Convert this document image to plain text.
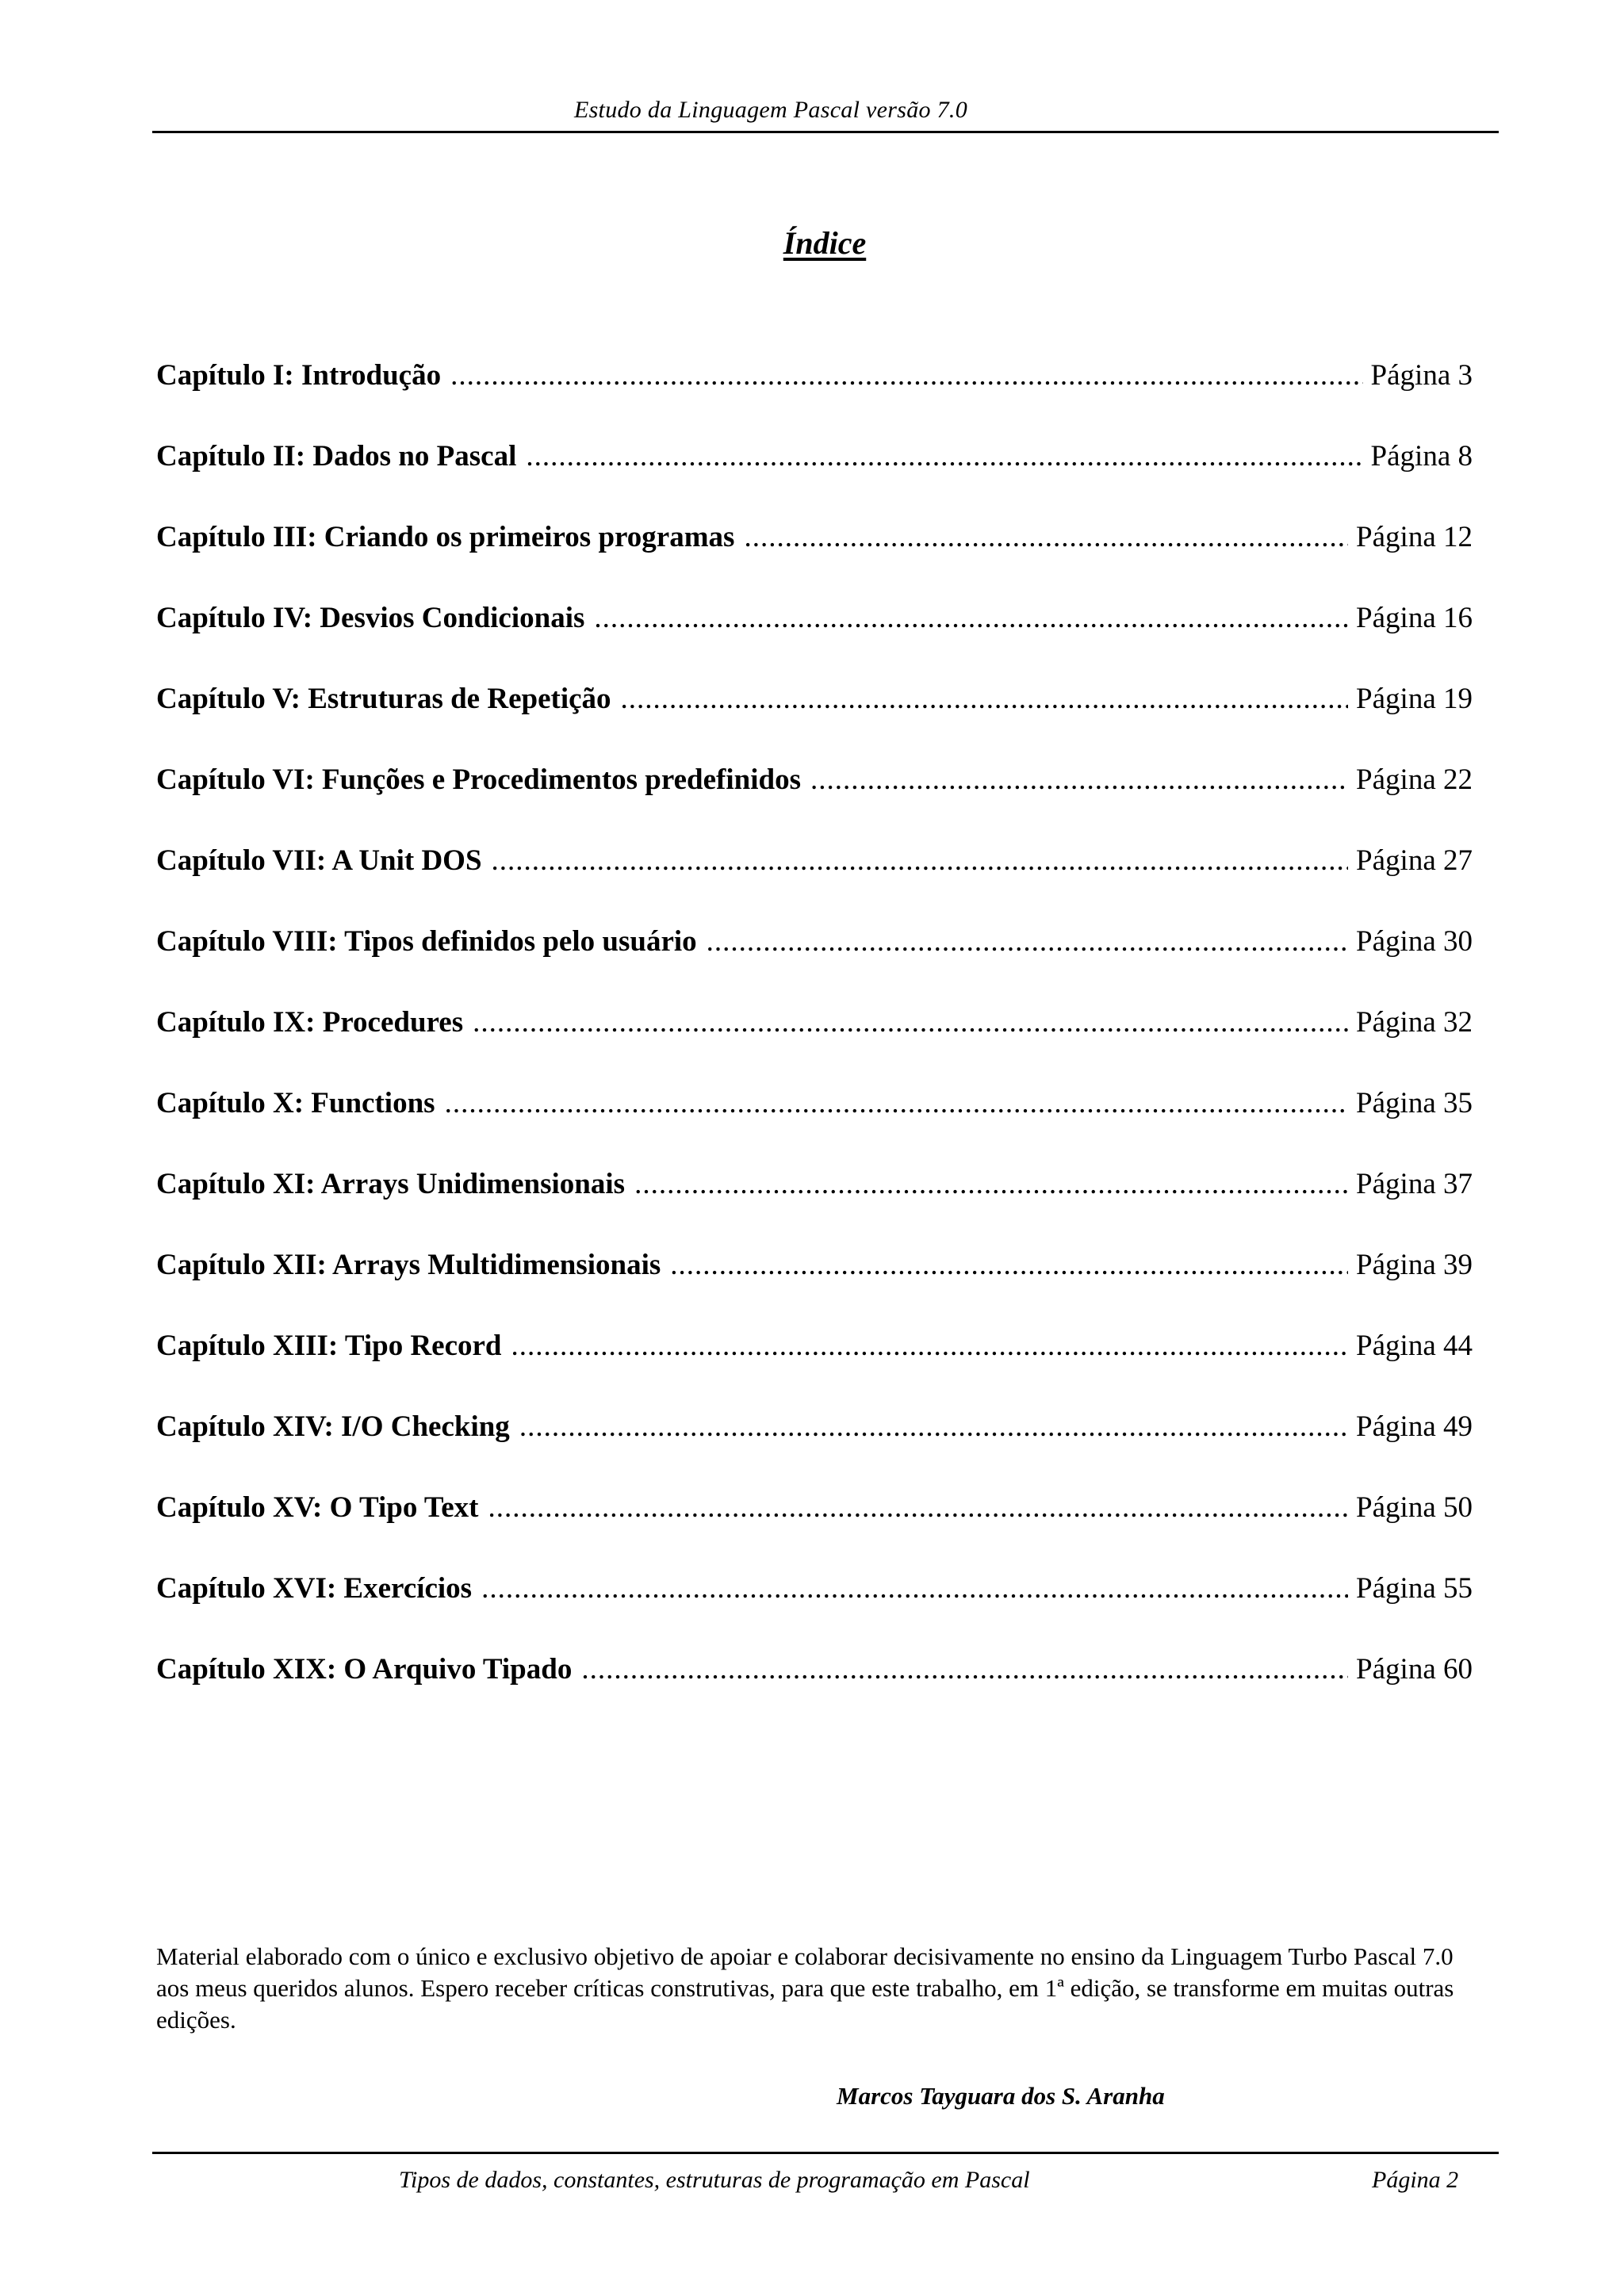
Estudo da Linguagem Pascal versão 7.0
Índice
Capítulo I: Introdução .....	Página 3
Capítulo II: Dados no Pascal .....	Página 8
Capítulo III: Criando os primeiros programas .....	Página 12
Capítulo IV: Desvios Condicionais .....	Página 16
Capítulo V: Estruturas de Repetição .....	Página 19
Capítulo VI: Funções e Procedimentos predefinidos .....	Página 22
Capítulo VII: A Unit DOS .....	Página 27
Capítulo VIII: Tipos definidos pelo usuário .....	Página 30
Capítulo IX: Procedures .....	Página 32
Capítulo X: Functions .....	Página 35
Capítulo XI: Arrays Unidimensionais .....	Página 37
Capítulo XII: Arrays Multidimensionais .....	Página 39
Capítulo XIII: Tipo Record .....	Página 44
Capítulo XIV: I/O Checking .....	Página 49
Capítulo XV: O Tipo Text .....	Página 50
Capítulo XVI: Exercícios .....	Página 55
Capítulo XIX: O Arquivo Tipado .....	Página 60

Material elaborado com o único e exclusivo objetivo de apoiar e colaborar decisivamente no ensino da Linguagem Turbo Pascal 7.0 aos meus queridos alunos. Espero receber críticas construtivas, para que este trabalho, em 1ª edição, se transforme em muitas outras edições.

Marcos Tayguara dos S. Aranha
Tipos de dados, constantes, estruturas de programação em Pascal	Página 2
